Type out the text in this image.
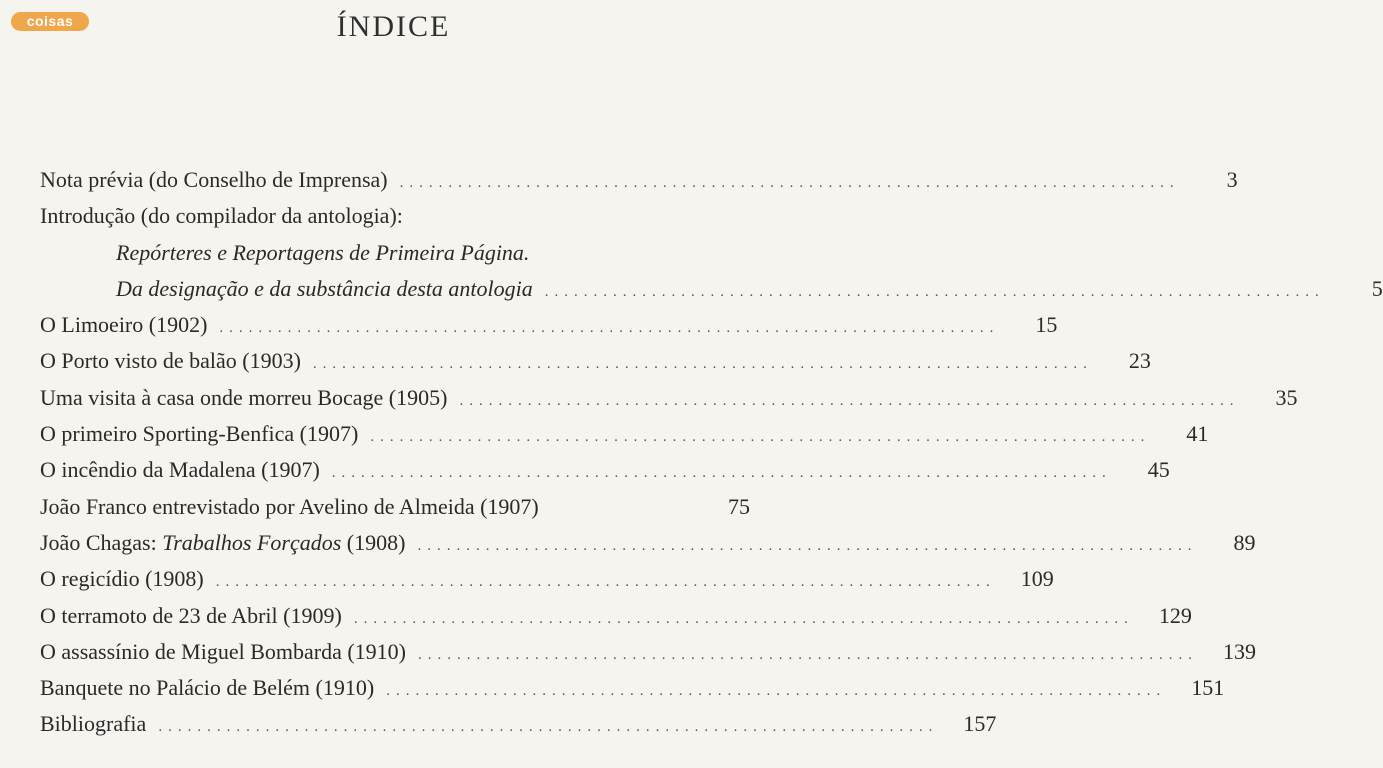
coisas	ÍNDICE
Nota prévia (do Conselho de Imprensa) ................................................................................	3
Introdução (do compilador da antologia):
Repórteres e Reportagens de Primeira Página.
Da designação e da substância desta antologia ................................................................................	5
O Limoeiro (1902) ................................................................................	15
O Porto visto de balão (1903) ................................................................................	23
Uma visita à casa onde morreu Bocage (1905) ................................................................................	35
O primeiro Sporting-Benfica (1907) ................................................................................	41
O incêndio da Madalena (1907) ................................................................................	45
João Franco entrevistado por Avelino de Almeida (1907)	75
João Chagas: Trabalhos Forçados (1908) ................................................................................	89
O regicídio (1908) ................................................................................	109
O terramoto de 23 de Abril (1909) ................................................................................	129
O assassínio de Miguel Bombarda (1910) ................................................................................	139
Banquete no Palácio de Belém (1910) ................................................................................	151
Bibliografia ................................................................................	157
